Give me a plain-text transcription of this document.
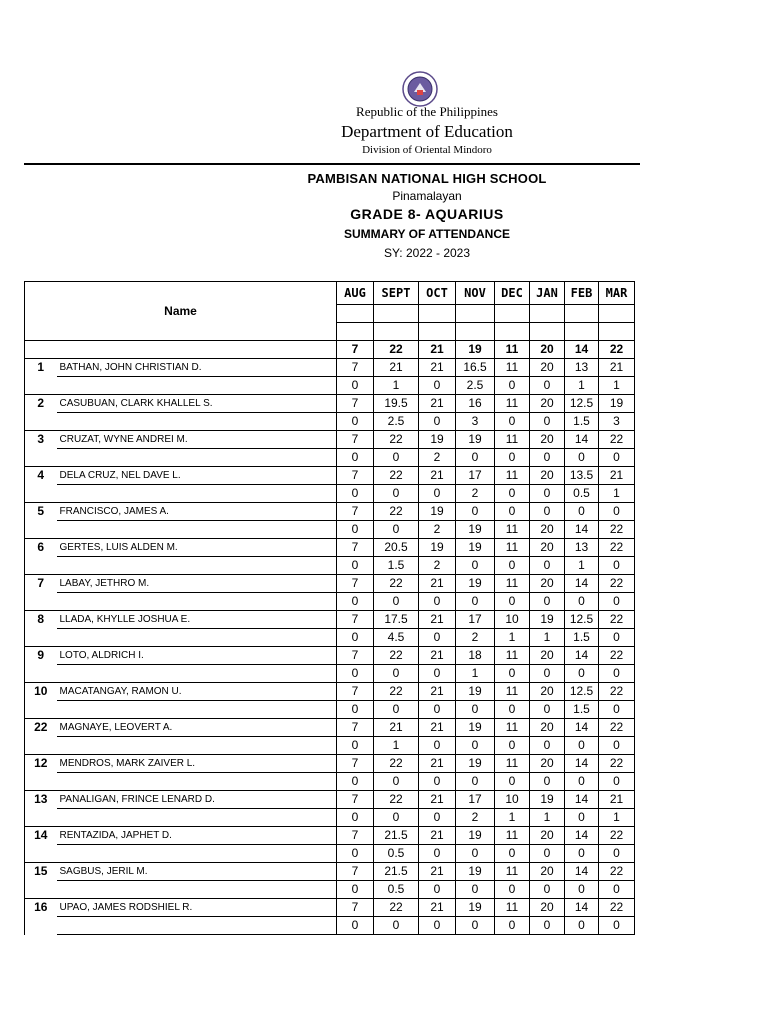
Republic of the Philippines
Department of Education
Division of Oriental Mindoro
PAMBISAN NATIONAL HIGH SCHOOL
Pinamalayan
GRADE 8- AQUARIUS
SUMMARY OF ATTENDANCE
SY: 2022 - 2023
Name		AUG	SEPT	OCT	NOV	DEC	JAN	FEB	MAR

		7	22	21	19	11	20	14	22
1	BATHAN, JOHN CHRISTIAN D.	7	21	21	16.5	11	20	13	21
		0	1	0	2.5	0	0	1	1
2	CASUBUAN, CLARK KHALLEL S.	7	19.5	21	16	11	20	12.5	19
		0	2.5	0	3	0	0	1.5	3
3	CRUZAT, WYNE ANDREI M.	7	22	19	19	11	20	14	22
		0	0	2	0	0	0	0	0
4	DELA CRUZ, NEL DAVE L.	7	22	21	17	11	20	13.5	21
		0	0	0	2	0	0	0.5	1
5	FRANCISCO, JAMES A.	7	22	19	0	0	0	0	0
		0	0	2	19	11	20	14	22
6	GERTES, LUIS ALDEN M.	7	20.5	19	19	11	20	13	22
		0	1.5	2	0	0	0	1	0
7	LABAY, JETHRO M.	7	22	21	19	11	20	14	22
		0	0	0	0	0	0	0	0
8	LLADA, KHYLLE JOSHUA E.	7	17.5	21	17	10	19	12.5	22
		0	4.5	0	2	1	1	1.5	0
9	LOTO, ALDRICH I.	7	22	21	18	11	20	14	22
		0	0	0	1	0	0	0	0
10	MACATANGAY, RAMON U.	7	22	21	19	11	20	12.5	22
		0	0	0	0	0	0	1.5	0
22	MAGNAYE, LEOVERT A.	7	21	21	19	11	20	14	22
		0	1	0	0	0	0	0	0
12	MENDROS, MARK ZAIVER L.	7	22	21	19	11	20	14	22
		0	0	0	0	0	0	0	0
13	PANALIGAN, FRINCE LENARD D.	7	22	21	17	10	19	14	21
		0	0	0	2	1	1	0	1
14	RENTAZIDA, JAPHET D.	7	21.5	21	19	11	20	14	22
		0	0.5	0	0	0	0	0	0
15	SAGBUS, JERIL M.	7	21.5	21	19	11	20	14	22
		0	0.5	0	0	0	0	0	0
16	UPAO, JAMES RODSHIEL R.	7	22	21	19	11	20	14	22
		0	0	0	0	0	0	0	0
